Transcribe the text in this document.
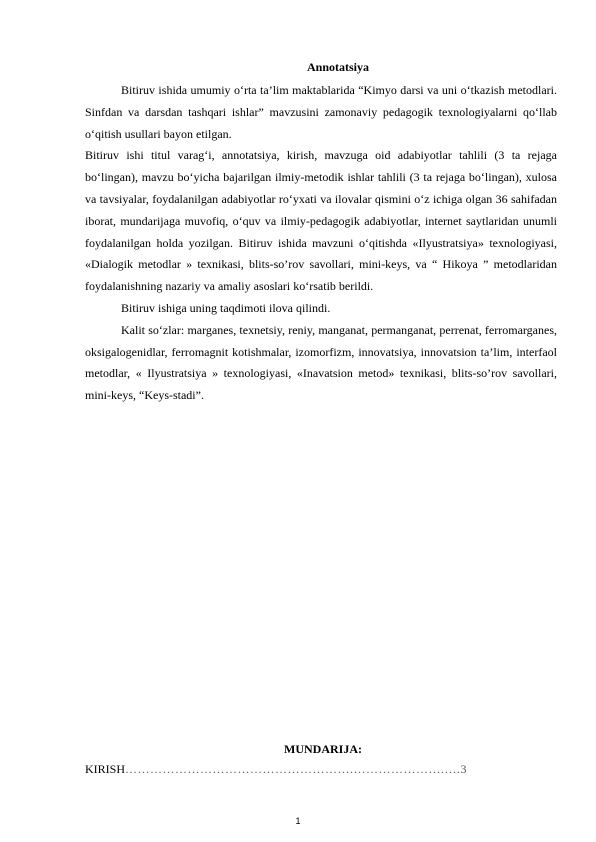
Annotatsiya

Bitiruv ishida umumiy o‘rta ta’lim maktablarida “Kimyo darsi va uni o‘tkazish metodlari. Sinfdan va darsdan tashqari ishlar” mavzusini zamonaviy pedagogik texnologiyalarni qo‘llab o‘qitish usullari bayon etilgan.

Bitiruv ishi titul varag‘i, annotatsiya, kirish, mavzuga oid adabiyotlar tahlili (3 ta rejaga bo‘lingan), mavzu bo‘yicha bajarilgan ilmiy-metodik ishlar tahlili (3 ta rejaga bo‘lingan), xulosa va tavsiyalar, foydalanilgan adabiyotlar ro‘yxati va ilovalar qismini o‘z ichiga olgan 36 sahifadan iborat, mundarijaga muvofiq, o‘quv va ilmiy-pedagogik adabiyotlar, internet saytlaridan unumli foydalanilgan holda yozilgan. Bitiruv ishida mavzuni o‘qitishda «Ilyustratsiya» texnologiyasi, «Dialogik metodlar » texnikasi, blits-so’rov savollari, mini-keys, va “ Hikoya ” metodlaridan foydalanishning nazariy va amaliy asoslari ko‘rsatib berildi.

Bitiruv ishiga uning taqdimoti ilova qilindi.

Kalit so‘zlar: marganes, texnetsiy, reniy, manganat, permanganat, perrenat, ferromarganes, oksigalogenidlar, ferromagnit kotishmalar, izomorfizm, innovatsiya, innovatsion ta’lim, interfaol metodlar, « Ilyustratsiya » texnologiyasi, «Inavatsion metod» texnikasi, blits-so’rov savollari, mini-keys, “Keys-stadi”.

MUNDARIJA:
KIRISH……………………………………………….………………….….3
1
